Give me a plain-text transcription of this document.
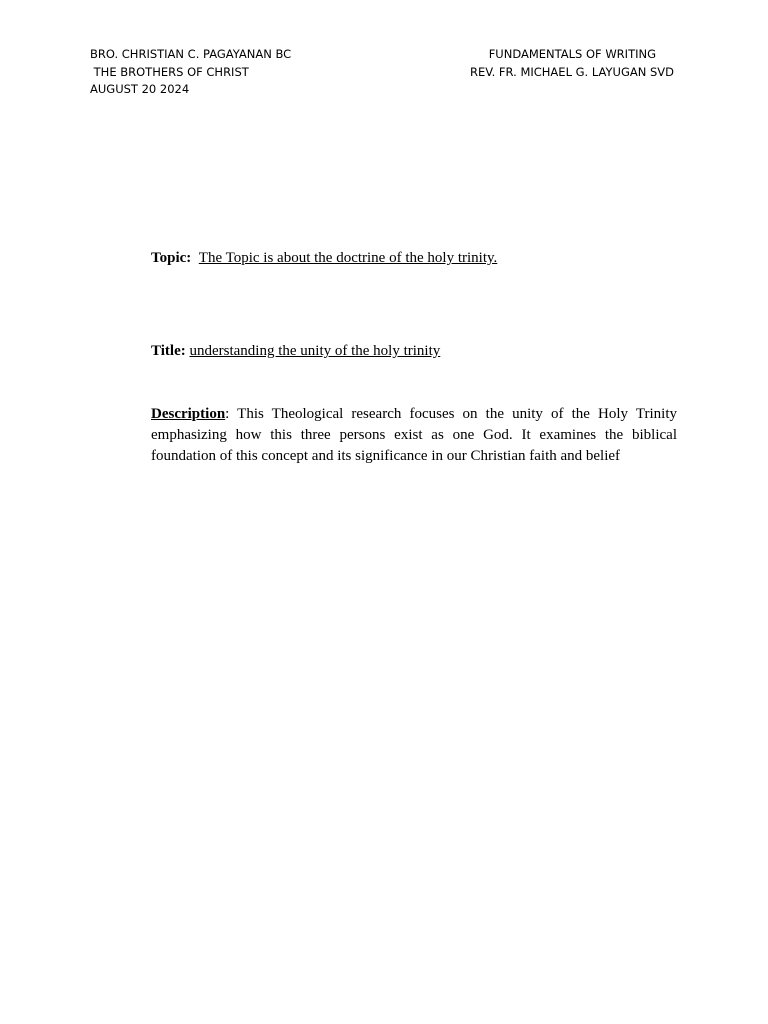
BRO. CHRISTIAN C. PAGAYANAN BC
THE BROTHERS OF CHRIST
AUGUST 20 2024
FUNDAMENTALS OF WRITING
REV. FR. MICHAEL G. LAYUGAN SVD
Topic: The Topic is about the doctrine of the holy trinity.
Title: understanding the unity of the holy trinity
Description: This Theological research focuses on the unity of the Holy Trinity emphasizing how this three persons exist as one God. It examines the biblical foundation of this concept and its significance in our Christian faith and belief
